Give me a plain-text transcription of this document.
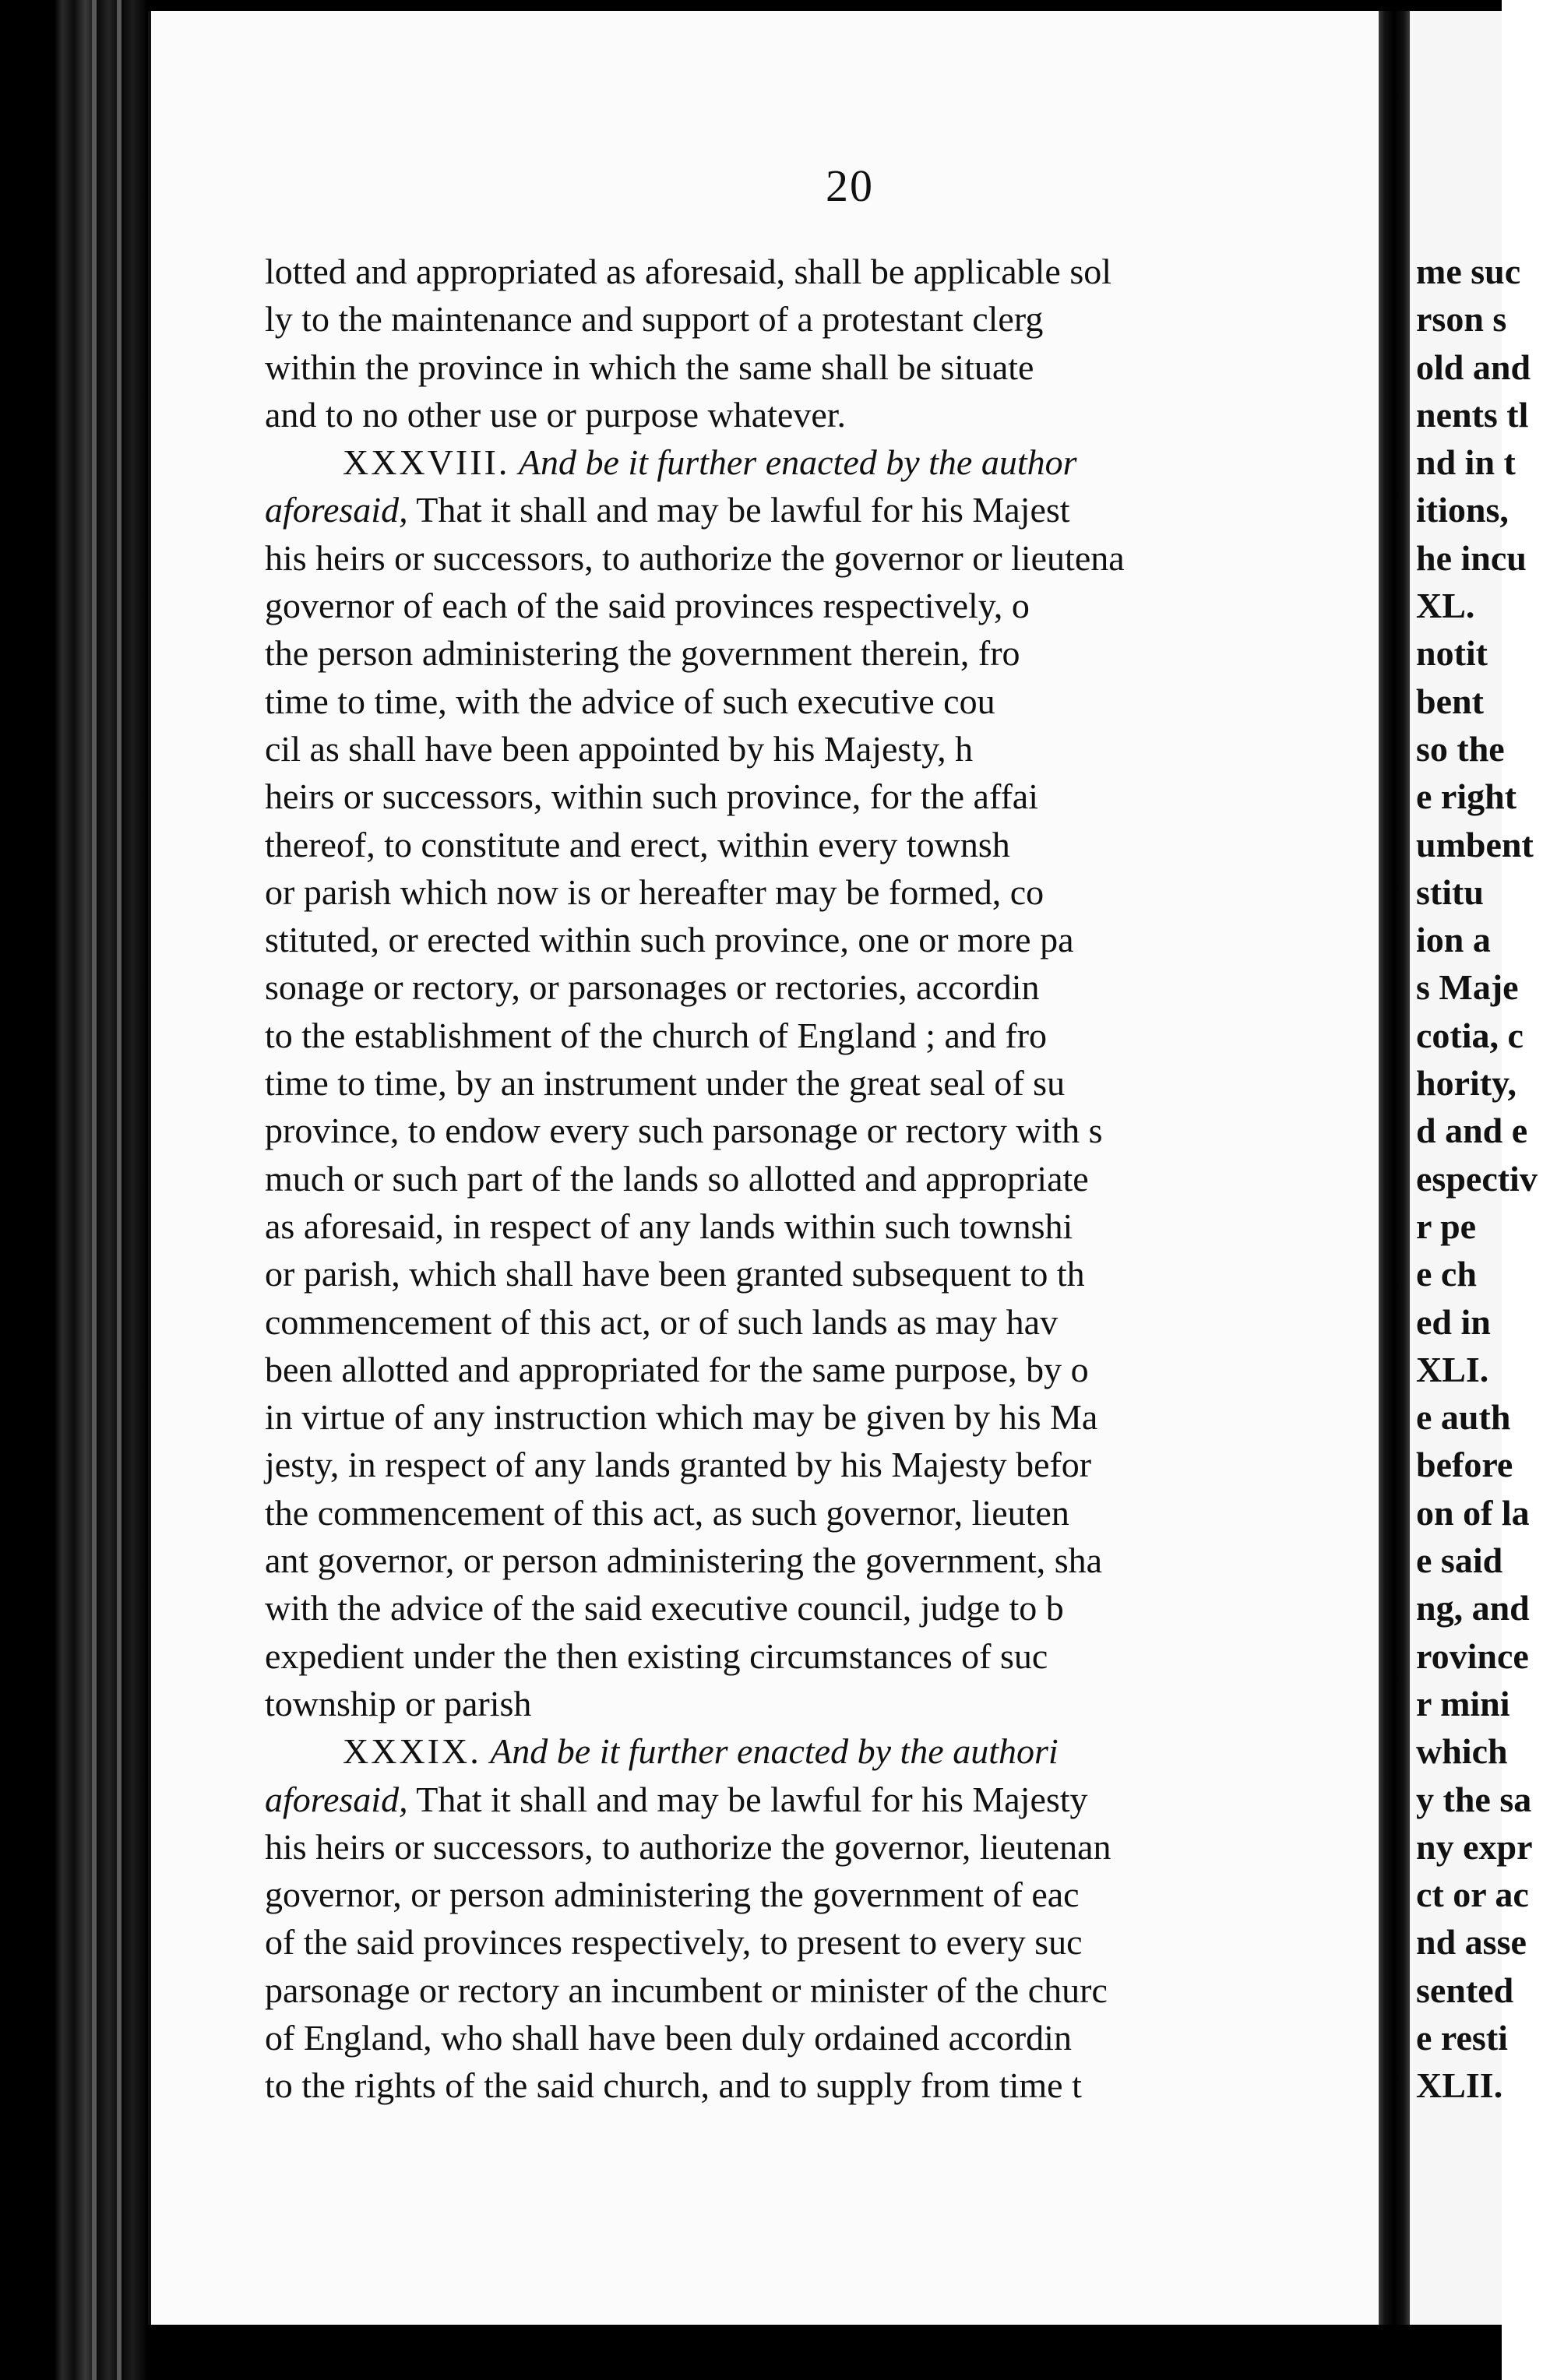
20
lotted and appropriated as aforesaid, shall be applicable sol
ly to the maintenance and support of a protestant clerg
within the province in which the same shall be situate
and to no other use or purpose whatever.
XXXVIII. And be it further enacted by the author
aforesaid, That it shall and may be lawful for his Majest
his heirs or successors, to authorize the governor or lieutena
governor of each of the said provinces respectively, o
the person administering the government therein, fro
time to time, with the advice of such executive cou
cil as shall have been appointed by his Majesty, h
heirs or successors, within such province, for the affai
thereof, to constitute and erect, within every townsh
or parish which now is or hereafter may be formed, co
stituted, or erected within such province, one or more pa
sonage or rectory, or parsonages or rectories, accordin
to the establishment of the church of England ; and fro
time to time, by an instrument under the great seal of su
province, to endow every such parsonage or rectory with s
much or such part of the lands so allotted and appropriate
as aforesaid, in respect of any lands within such townshi
or parish, which shall have been granted subsequent to th
commencement of this act, or of such lands as may hav
been allotted and appropriated for the same purpose, by o
in virtue of any instruction which may be given by his Ma
jesty, in respect of any lands granted by his Majesty befor
the commencement of this act, as such governor, lieuten
ant governor, or person administering the government, sha
with the advice of the said executive council, judge to b
expedient under the then existing circumstances of suc
township or parish
XXXIX. And be it further enacted by the authori
aforesaid, That it shall and may be lawful for his Majesty
his heirs or successors, to authorize the governor, lieutenan
governor, or person administering the government of eac
of the said provinces respectively, to present to every suc
parsonage or rectory an incumbent or minister of the churc
of England, who shall have been duly ordained accordin
to the rights of the said church, and to supply from time t
me suc
rson s
old and
nents tl
nd in t
itions,
he incu
XL.
notit
bent
so the
e right
umbent
stitu
ion a
s Maje
cotia, c
hority,
d and e
espectiv
r pe
e ch
ed in
XLI.
e auth
before
on of la
e said
ng, and
rovince
r mini
which
y the sa
ny expr
ct or ac
nd asse
sented
e resti
XLII.
